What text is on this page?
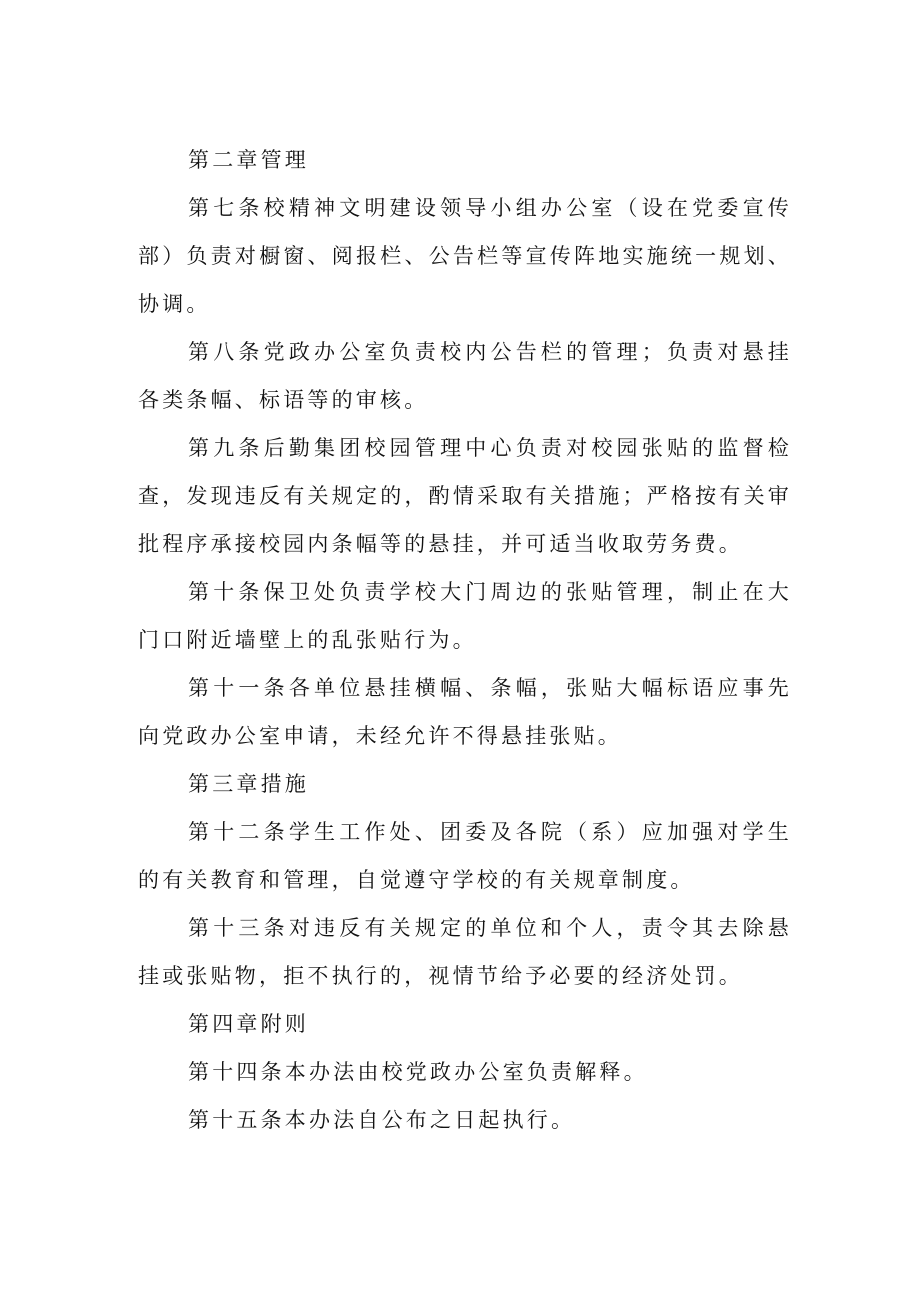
第二章管理

第七条校精神文明建设领导小组办公室（设在党委宣传部）负责对橱窗、阅报栏、公告栏等宣传阵地实施统一规划、协调。

第八条党政办公室负责校内公告栏的管理；负责对悬挂各类条幅、标语等的审核。

第九条后勤集团校园管理中心负责对校园张贴的监督检查，发现违反有关规定的，酌情采取有关措施；严格按有关审批程序承接校园内条幅等的悬挂，并可适当收取劳务费。

第十条保卫处负责学校大门周边的张贴管理，制止在大门口附近墙壁上的乱张贴行为。

第十一条各单位悬挂横幅、条幅，张贴大幅标语应事先向党政办公室申请，未经允许不得悬挂张贴。

第三章措施

第十二条学生工作处、团委及各院（系）应加强对学生的有关教育和管理，自觉遵守学校的有关规章制度。

第十三条对违反有关规定的单位和个人，责令其去除悬挂或张贴物，拒不执行的，视情节给予必要的经济处罚。

第四章附则

第十四条本办法由校党政办公室负责解释。

第十五条本办法自公布之日起执行。
